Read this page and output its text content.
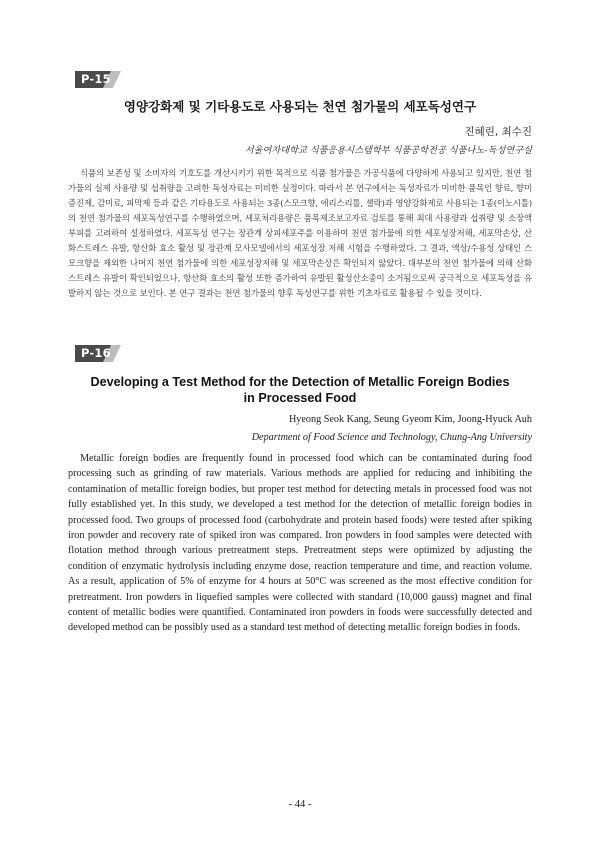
P-15
영양강화제 및 기타용도로 사용되는 천연 첨가물의 세포독성연구
진혜린, 최수진
서울여자대학교 식품응용시스템학부 식품공학전공 식품나노-독성연구실

식품의 보존성 및 소비자의 기호도를 개선시키기 위한 목적으로 식품 첨가물은 가공식품에 다양하게 사용되고 있지만, 천연 첨가물의 실제 사용량 및 섭취량을 고려한 독성자료는 미비한 실정이다. 따라서 본 연구에서는 독성자료가 미비한 품목인 향료, 향미증진제, 감미료, 피막제 등과 같은 기타용도로 사용되는 3종(스모크향, 에리스리톨, 셸락)과 영양강화제로 사용되는 1종(이노시톨)의 천연 첨가물의 세포독성연구를 수행하였으며, 세포처리용량은 품목제조보고자료 검토를 통해 최대 사용량과 섭취량 및 소장액 부피를 고려하여 설정하였다. 세포독성 연구는 장관계 상피세포주를 이용하여 천연 첨가물에 의한 세포성장저해, 세포막손상, 산화스트레스 유발, 항산화 효소 활성 및 장관계 모사모델에서의 세포성장 저해 시험을 수행하였다. 그 결과, 액상/수용성 상태인 스모크향을 제외한 나머지 천연 첨가물에 의한 세포성장저해 및 세포막손상은 확인되지 않았다. 대부분의 천연 첨가물에 의해 산화스트레스 유발이 확인되었으나, 항산화 효소의 활성 또한 증가하여 유발된 활성산소종이 소거됨으로써 궁극적으로 세포독성을 유발하지 않는 것으로 보인다. 본 연구 결과는 천연 첨가물의 향후 독성연구를 위한 기초자료로 활용될 수 있을 것이다.

P-16
Developing a Test Method for the Detection of Metallic Foreign Bodies
in Processed Food
Hyeong Seok Kang, Seung Gyeom Kim, Joong-Hyuck Auh
Department of Food Science and Technology, Chung-Ang University

Metallic foreign bodies are frequently found in processed food which can be contaminated during food processing such as grinding of raw materials. Various methods are applied for reducing and inhibiting the contamination of metallic foreign bodies, but proper test method for detecting metals in processed food was not fully established yet. In this study, we developed a test method for the detection of metallic foreign bodies in processed food. Two groups of processed food (carbohydrate and protein based foods) were tested after spiking iron powder and recovery rate of spiked iron was compared. Iron powders in food samples were detected with flotation method through various pretreatment steps. Pretreatment steps were optimized by adjusting the condition of enzymatic hydrolysis including enzyme dose, reaction temperature and time, and reaction volume. As a result, application of 5% of enzyme for 4 hours at 50°C was screened as the most effective condition for pretreatment. Iron powders in liquefied samples were collected with standard (10,000 gauss) magnet and final content of metallic bodies were quantified. Contaminated iron powders in foods were successfully detected and developed method can be possibly used as a standard test method of detecting metallic foreign bodies in foods.

- 44 -
